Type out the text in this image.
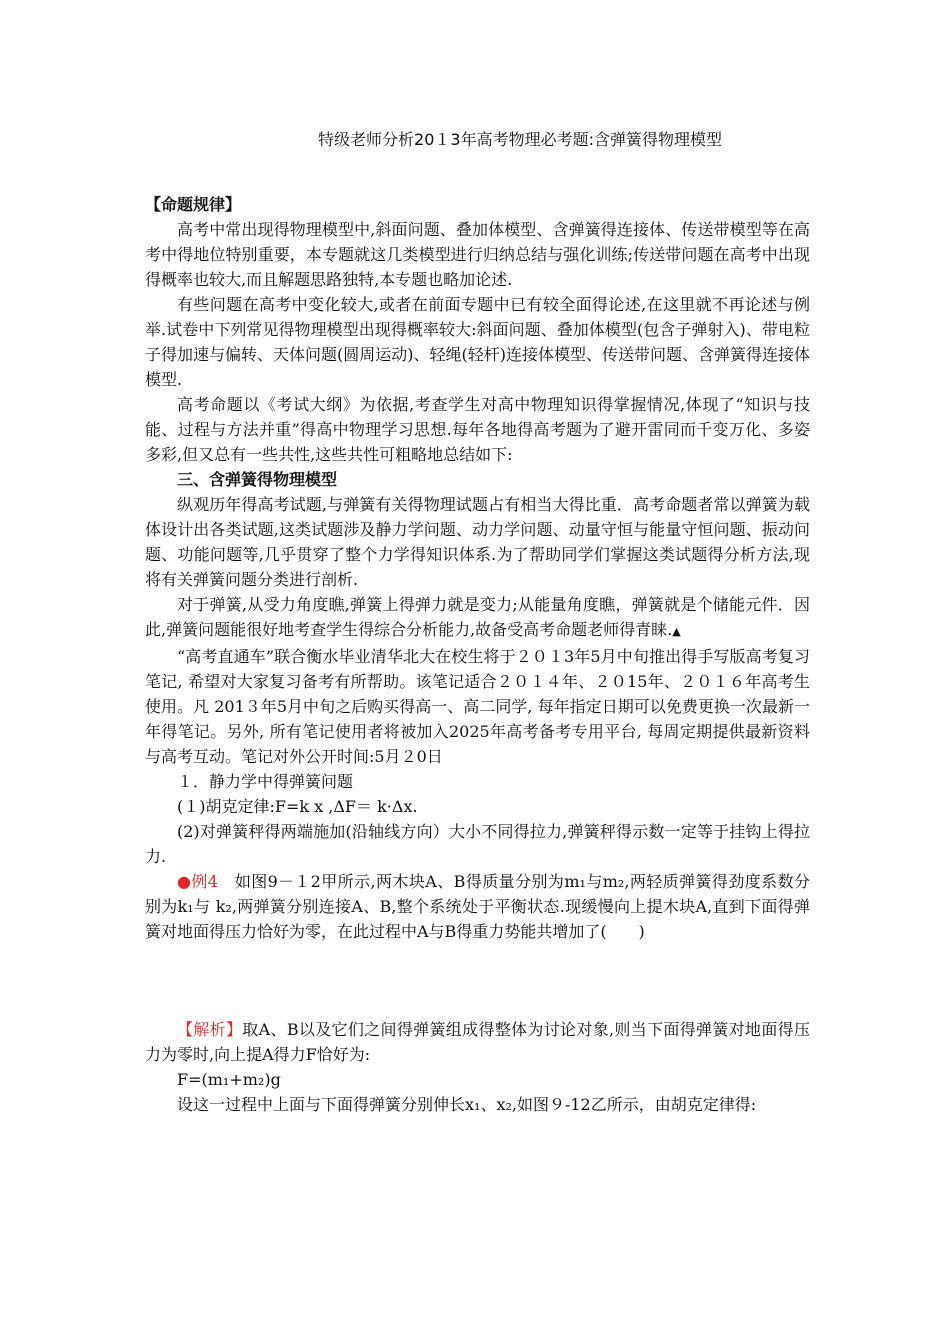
特级老师分析20１3年高考物理必考题:含弹簧得物理模型

【命题规律】

高考中常出现得物理模型中,斜面问题、叠加体模型、含弹簧得连接体、传送带模型等在高考中得地位特别重要，本专题就这几类模型进行归纳总结与强化训练;传送带问题在高考中出现得概率也较大,而且解题思路独特,本专题也略加论述.

有些问题在高考中变化较大,或者在前面专题中已有较全面得论述,在这里就不再论述与例举.试卷中下列常见得物理模型出现得概率较大:斜面问题、叠加体模型(包含子弹射入)、带电粒子得加速与偏转、天体问题(圆周运动)、轻绳(轻杆)连接体模型、传送带问题、含弹簧得连接体模型.

高考命题以《考试大纲》为依据,考查学生对高中物理知识得掌握情况,体现了“知识与技能、过程与方法并重”得高中物理学习思想.每年各地得高考题为了避开雷同而千变万化、多姿多彩,但又总有一些共性,这些共性可粗略地总结如下:

三、含弹簧得物理模型

纵观历年得高考试题,与弹簧有关得物理试题占有相当大得比重．高考命题者常以弹簧为载体设计出各类试题,这类试题涉及静力学问题、动力学问题、动量守恒与能量守恒问题、振动问题、功能问题等,几乎贯穿了整个力学得知识体系.为了帮助同学们掌握这类试题得分析方法,现将有关弹簧问题分类进行剖析.

对于弹簧,从受力角度瞧,弹簧上得弹力就是变力;从能量角度瞧，弹簧就是个储能元件．因此,弹簧问题能很好地考查学生得综合分析能力,故备受高考命题老师得青睐.▲

“高考直通车”联合衡水毕业清华北大在校生将于２０１3年5月中旬推出得手写版高考复习笔记, 希望对大家复习备考有所帮助。该笔记适合２０１４年、２０15年、２０１６年高考生使用。凡 201３年5月中旬之后购买得高一、高二同学, 每年指定日期可以免费更换一次最新一年得笔记。另外, 所有笔记使用者将被加入2025年高考备考专用平台, 每周定期提供最新资料与高考互动。笔记对外公开时间:5月２0日

１．静力学中得弹簧问题

(１)胡克定律:F=k x ,ΔF＝ k·Δx.

(2)对弹簧秤得两端施加(沿轴线方向）大小不同得拉力,弹簧秤得示数一定等于挂钩上得拉力.

●例4　如图9－１2甲所示,两木块A、B得质量分别为m₁与m₂,两轻质弹簧得劲度系数分别为k₁与 k₂,两弹簧分别连接A、B,整个系统处于平衡状态.现缓慢向上提木块A,直到下面得弹簧对地面得压力恰好为零，在此过程中A与B得重力势能共增加了(　　)

【解析】取A、B以及它们之间得弹簧组成得整体为讨论对象,则当下面得弹簧对地面得压力为零时,向上提A得力F恰好为:

F=(m₁+m₂)g

设这一过程中上面与下面得弹簧分别伸长x₁、x₂,如图９-12乙所示，由胡克定律得:
